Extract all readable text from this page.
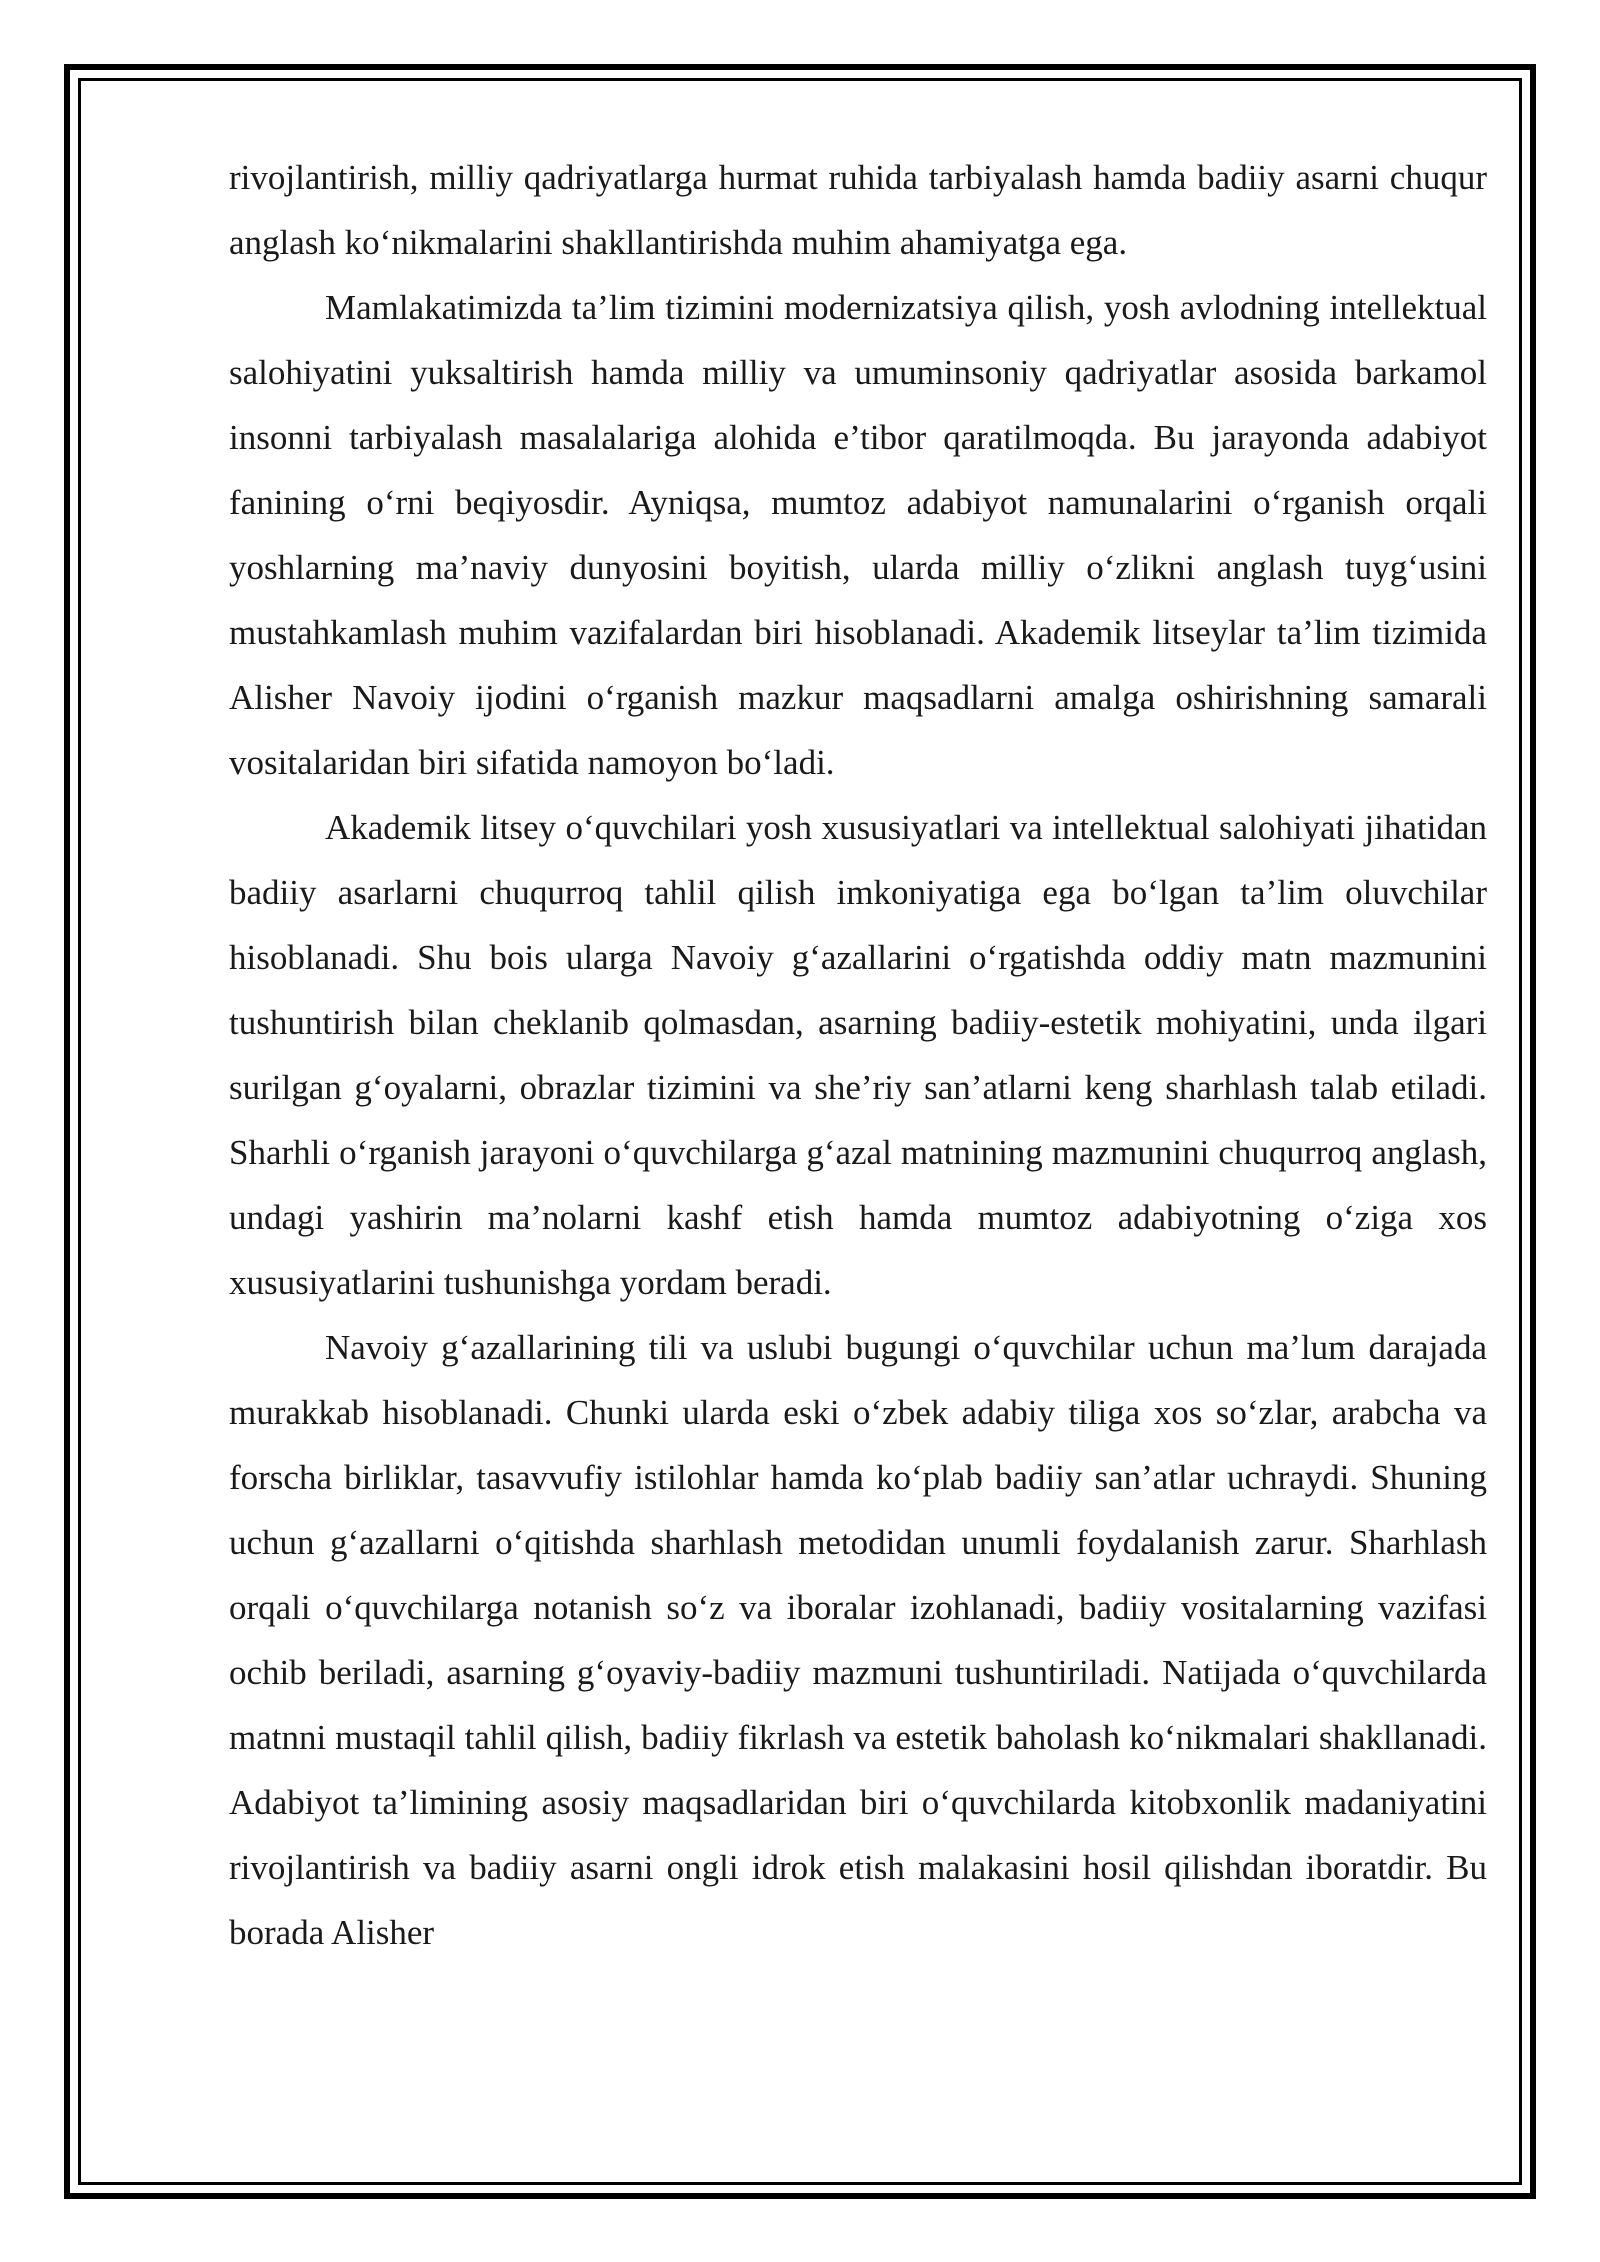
rivojlantirish, milliy qadriyatlarga hurmat ruhida tarbiyalash hamda badiiy asarni chuqur anglash ko‘nikmalarini shakllantirishda muhim ahamiyatga ega.

Mamlakatimizda ta’lim tizimini modernizatsiya qilish, yosh avlodning intellektual salohiyatini yuksaltirish hamda milliy va umuminsoniy qadriyatlar asosida barkamol insonni tarbiyalash masalalariga alohida e’tibor qaratilmoqda. Bu jarayonda adabiyot fanining o‘rni beqiyosdir. Ayniqsa, mumtoz adabiyot namunalarini o‘rganish orqali yoshlarning ma’naviy dunyosini boyitish, ularda milliy o‘zlikni anglash tuyg‘usini mustahkamlash muhim vazifalardan biri hisoblanadi. Akademik litseylar ta’lim tizimida Alisher Navoiy ijodini o‘rganish mazkur maqsadlarni amalga oshirishning samarali vositalaridan biri sifatida namoyon bo‘ladi.

Akademik litsey o‘quvchilari yosh xususiyatlari va intellektual salohiyati jihatidan badiiy asarlarni chuqurroq tahlil qilish imkoniyatiga ega bo‘lgan ta’lim oluvchilar hisoblanadi. Shu bois ularga Navoiy g‘azallarini o‘rgatishda oddiy matn mazmunini tushuntirish bilan cheklanib qolmasdan, asarning badiiy-estetik mohiyatini, unda ilgari surilgan g‘oyalarni, obrazlar tizimini va she’riy san’atlarni keng sharhlash talab etiladi. Sharhli o‘rganish jarayoni o‘quvchilarga g‘azal matnining mazmunini chuqurroq anglash, undagi yashirin ma’nolarni kashf etish hamda mumtoz adabiyotning o‘ziga xos xususiyatlarini tushunishga yordam beradi.

Navoiy g‘azallarining tili va uslubi bugungi o‘quvchilar uchun ma’lum darajada murakkab hisoblanadi. Chunki ularda eski o‘zbek adabiy tiliga xos so‘zlar, arabcha va forscha birliklar, tasavvufiy istilohlar hamda ko‘plab badiiy san’atlar uchraydi. Shuning uchun g‘azallarni o‘qitishda sharhlash metodidan unumli foydalanish zarur. Sharhlash orqali o‘quvchilarga notanish so‘z va iboralar izohlanadi, badiiy vositalarning vazifasi ochib beriladi, asarning g‘oyaviy-badiiy mazmuni tushuntiriladi. Natijada o‘quvchilarda matnni mustaqil tahlil qilish, badiiy fikrlash va estetik baholash ko‘nikmalari shakllanadi. Adabiyot ta’limining asosiy maqsadlaridan biri o‘quvchilarda kitobxonlik madaniyatini rivojlantirish va badiiy asarni ongli idrok etish malakasini hosil qilishdan iboratdir. Bu borada Alisher
